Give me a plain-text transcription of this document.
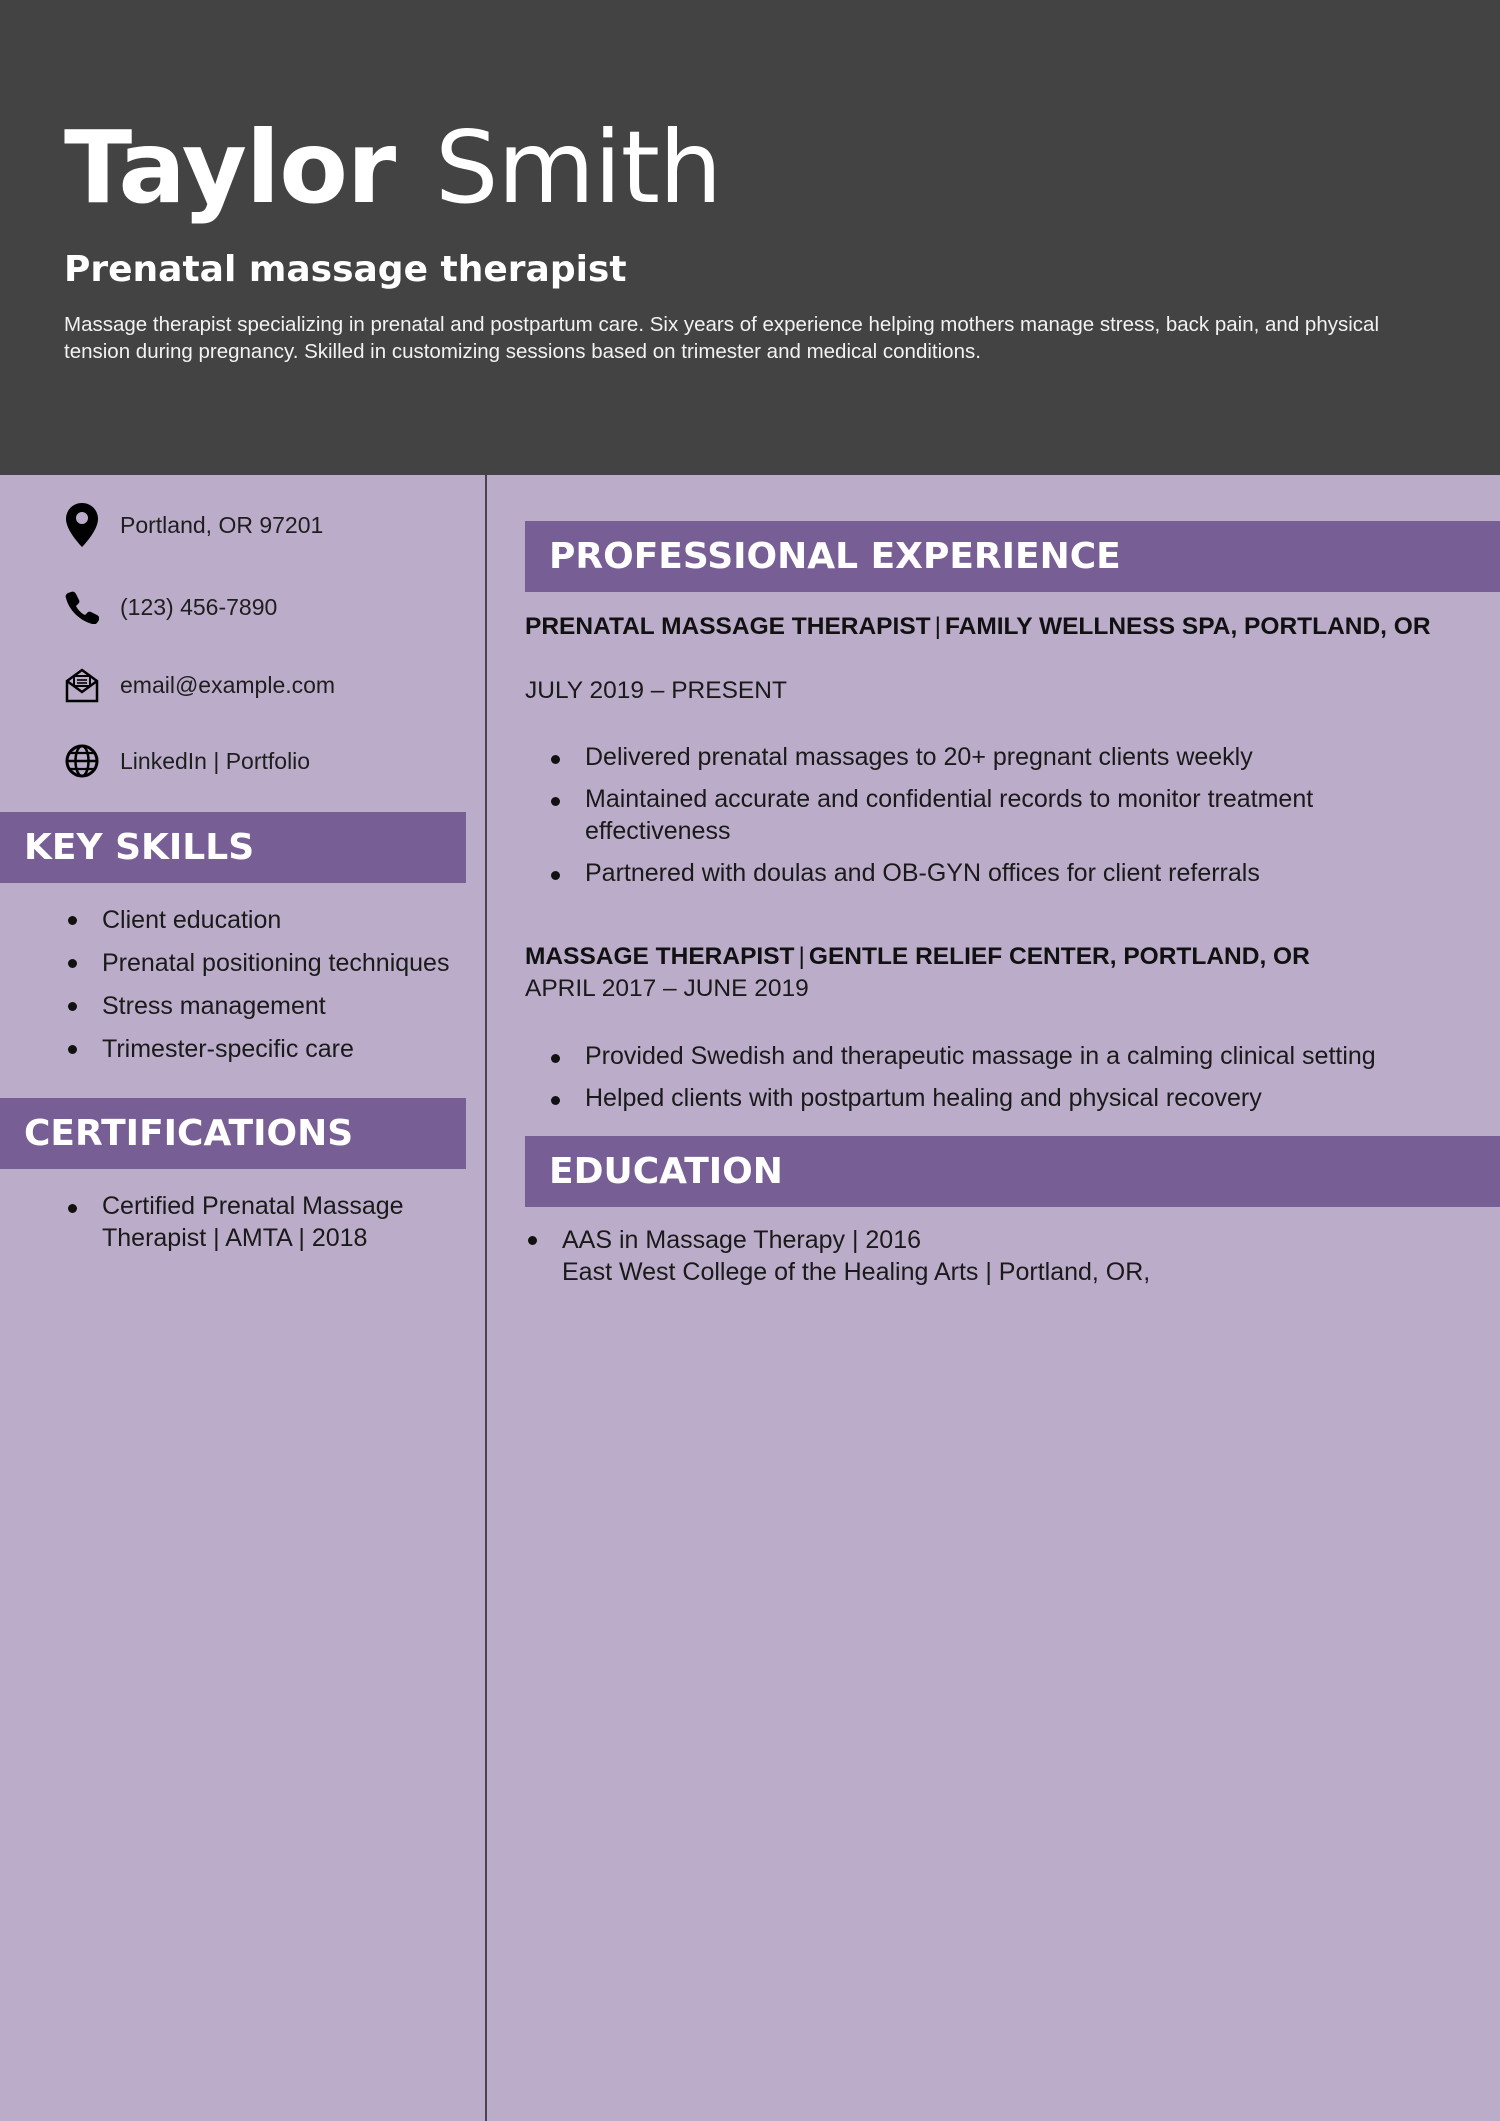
Taylor Smith
Prenatal massage therapist

Massage therapist specializing in prenatal and postpartum care. Six years of experience helping mothers manage stress, back pain, and physical tension during pregnancy. Skilled in customizing sessions based on trimester and medical conditions.

Portland, OR 97201
(123) 456-7890
email@example.com
LinkedIn | Portfolio
KEY SKILLS
Client education
Prenatal positioning techniques
Stress management
Trimester-specific care
CERTIFICATIONS
Certified Prenatal Massage Therapist | AMTA | 2018
PROFESSIONAL EXPERIENCE

PRENATAL MASSAGE THERAPIST | FAMILY WELLNESS SPA, PORTLAND, OR

JULY 2019 – PRESENT
Delivered prenatal massages to 20+ pregnant clients weekly
Maintained accurate and confidential records to monitor treatment effectiveness
Partnered with doulas and OB-GYN offices for client referrals

MASSAGE THERAPIST | GENTLE RELIEF CENTER, PORTLAND, OR

APRIL 2017 – JUNE 2019
Provided Swedish and therapeutic massage in a calming clinical setting
Helped clients with postpartum healing and physical recovery
EDUCATION
AAS in Massage Therapy | 2016
East West College of the Healing Arts | Portland, OR,
